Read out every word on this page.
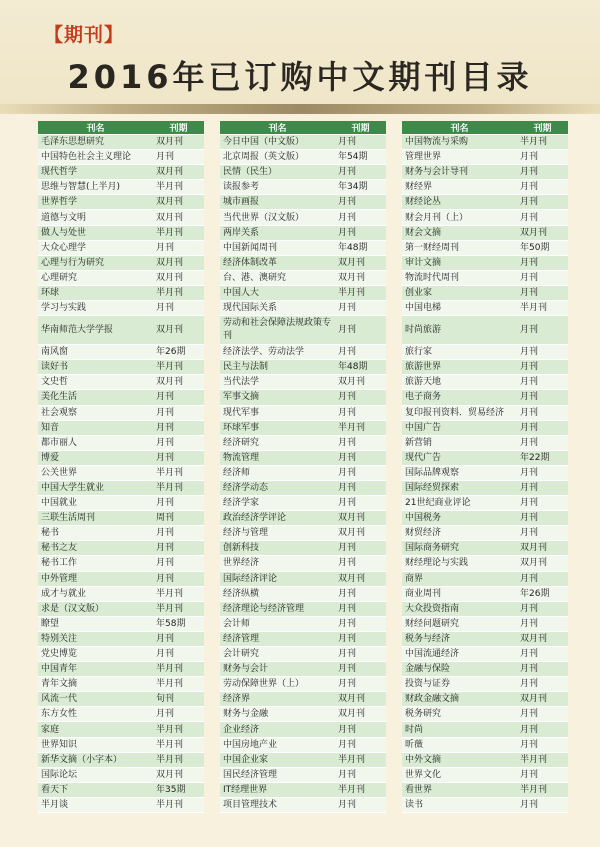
【期刊】
2016年已订购中文期刊目录
刊名	刊期
毛泽东思想研究	双月刊
中国特色社会主义理论	月刊
现代哲学	双月刊
思维与智慧(上半月)	半月刊
世界哲学	双月刊
道德与文明	双月刊
做人与处世	半月刊
大众心理学	月刊
心理与行为研究	双月刊
心理研究	双月刊
环球	半月刊
学习与实践	月刊
华南师范大学学报	双月刊
南风窗	年26期
读好书	半月刊
文史哲	双月刊
美化生活	月刊
社会观察	月刊
知音	月刊
都市丽人	月刊
博爱	月刊
公关世界	半月刊
中国大学生就业	半月刊
中国就业	月刊
三联生活周刊	周刊
秘书	月刊
秘书之友	月刊
秘书工作	月刊
中外管理	月刊
成才与就业	半月刊
求是（汉文版）	半月刊
瞭望	年58期
特别关注	月刊
党史博览	月刊
中国青年	半月刊
青年文摘	半月刊
风流一代	旬刊
东方女性	月刊
家庭	半月刊
世界知识	半月刊
新华文摘（小字本）	半月刊
国际论坛	双月刊
看天下	年35期
半月谈	半月刊
刊名	刊期
今日中国（中文版）	月刊
北京周报（英文版）	年54期
民情（民生）	月刊
读报参考	年34期
城市画报	月刊
当代世界（汉文版）	月刊
两岸关系	月刊
中国新闻周刊	年48期
经济体制改革	双月刊
台、港、澳研究	双月刊
中国人大	半月刊
现代国际关系	月刊
劳动和社会保障法规政策专刊	月刊
经济法学、劳动法学	月刊
民主与法制	年48期
当代法学	双月刊
军事文摘	月刊
现代军事	月刊
环球军事	半月刊
经济研究	月刊
物流管理	月刊
经济师	月刊
经济学动态	月刊
经济学家	月刊
政治经济学评论	双月刊
经济与管理	双月刊
创新科技	月刊
世界经济	月刊
国际经济评论	双月刊
经济纵横	月刊
经济理论与经济管理	月刊
会计师	月刊
经济管理	月刊
会计研究	月刊
财务与会计	月刊
劳动保障世界（上）	月刊
经济界	双月刊
财务与金融	双月刊
企业经济	月刊
中国房地产业	月刊
中国企业家	半月刊
国民经济管理	月刊
IT经理世界	半月刊
项目管理技术	月刊
刊名	刊期
中国物流与采购	半月刊
管理世界	月刊
财务与会计导刊	月刊
财经界	月刊
财经论丛	月刊
财会月刊（上）	月刊
财会文摘	双月刊
第一财经周刊	年50期
审计文摘	月刊
物流时代周刊	月刊
创业家	月刊
中国电梯	半月刊
时尚旅游	月刊
旅行家	月刊
旅游世界	月刊
旅游天地	月刊
电子商务	月刊
复印报刊资料．贸易经济	月刊
中国广告	月刊
新营销	月刊
现代广告	年22期
国际品牌观察	月刊
国际经贸探索	月刊
21世纪商业评论	月刊
中国税务	月刊
财贸经济	月刊
国际商务研究	双月刊
财经理论与实践	双月刊
商界	月刊
商业周刊	年26期
大众投资指南	月刊
财经问题研究	月刊
税务与经济	双月刊
中国流通经济	月刊
金融与保险	月刊
投资与证券	月刊
财政金融文摘	双月刊
税务研究	月刊
时尚	月刊
昕薇	月刊
中外文摘	半月刊
世界文化	月刊
看世界	半月刊
读书	月刊
